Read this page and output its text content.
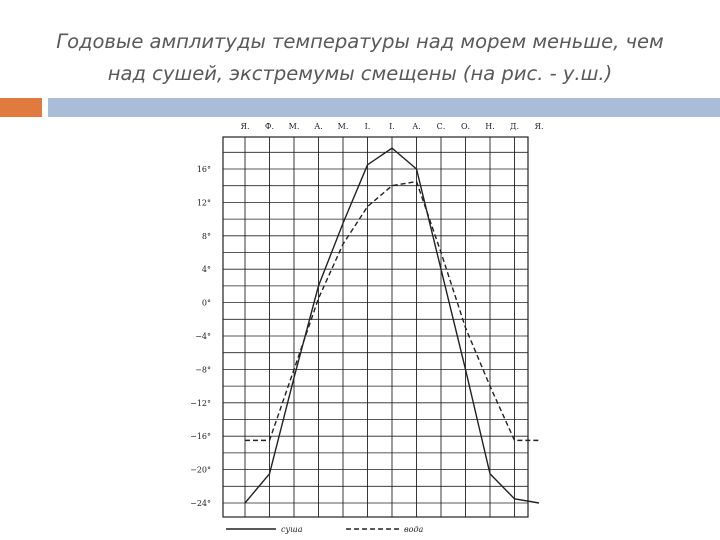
Годовые амплитуды температуры над морем меньше, чем
над сушей, экстремумы смещены (на рис. - у.ш.)
Я. Ф. М. А. М. І. І. А. С. О. Н. Д. Я.
16°
12°
8°
4°
0°
−4°
−8°
−12°
−16°
−20°
−24°
суша	вода
